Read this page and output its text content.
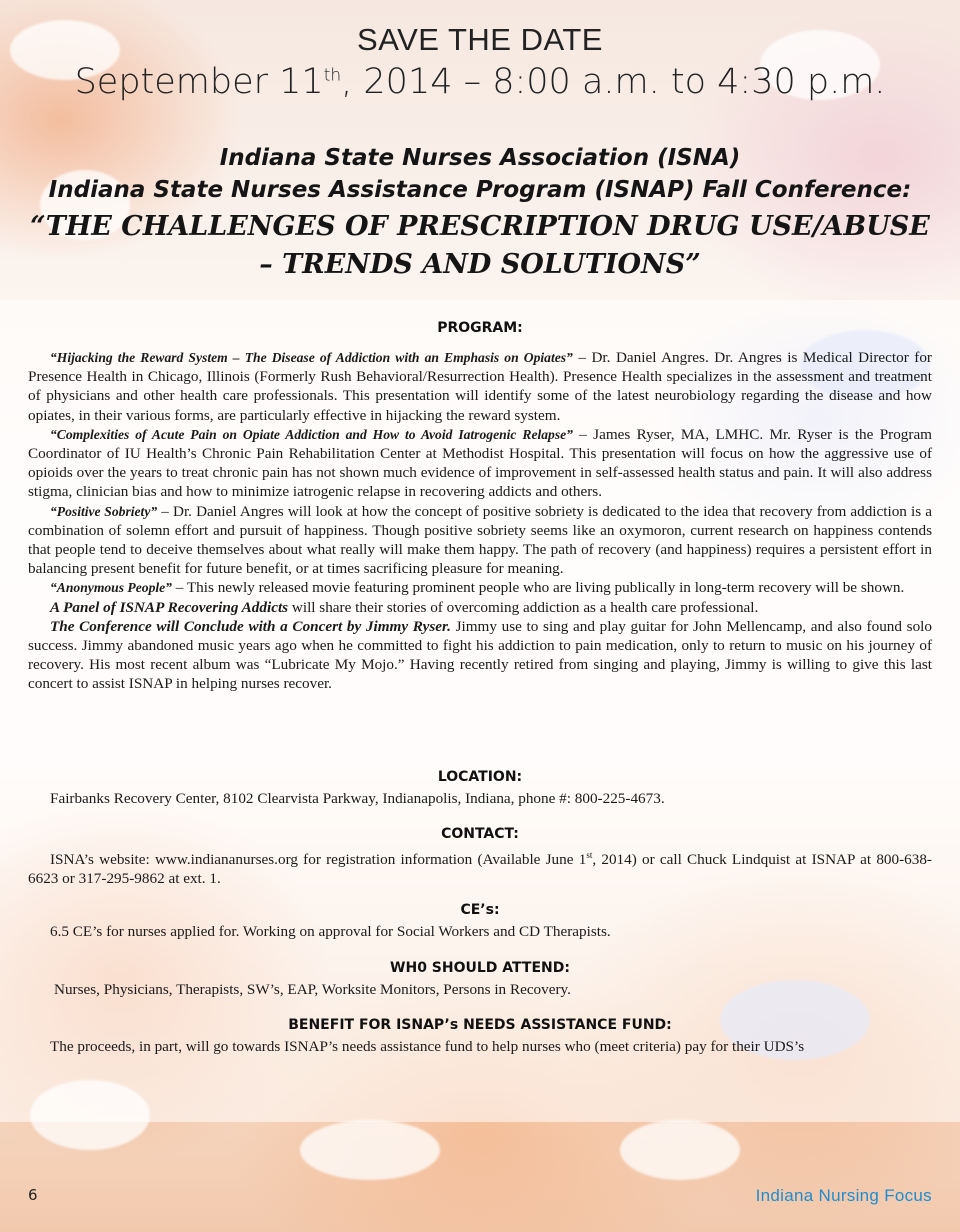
SAVE THE DATE
September 11th, 2014 – 8:00 a.m. to 4:30 p.m.
Indiana State Nurses Association (ISNA)
Indiana State Nurses Assistance Program (ISNAP) Fall Conference:
“THE CHALLENGES OF PRESCRIPTION DRUG USE/ABUSE
– TRENDS AND SOLUTIONS”
PROGRAM:

“Hijacking the Reward System – The Disease of Addiction with an Emphasis on Opiates” – Dr. Daniel Angres. Dr. Angres is Medical Director for Presence Health in Chicago, Illinois (Formerly Rush Behavioral/Resurrection Health). Presence Health specializes in the assessment and treatment of physicians and other health care professionals. This presentation will identify some of the latest neurobiology regarding the disease and how opiates, in their various forms, are particularly effective in hijacking the reward system.

“Complexities of Acute Pain on Opiate Addiction and How to Avoid Iatrogenic Relapse” – James Ryser, MA, LMHC. Mr. Ryser is the Program Coordinator of IU Health’s Chronic Pain Rehabilitation Center at Methodist Hospital. This presentation will focus on how the aggressive use of opioids over the years to treat chronic pain has not shown much evidence of improvement in self-assessed health status and pain. It will also address stigma, clinician bias and how to minimize iatrogenic relapse in recovering addicts and others.

“Positive Sobriety” – Dr. Daniel Angres will look at how the concept of positive sobriety is dedicated to the idea that recovery from addiction is a combination of solemn effort and pursuit of happiness. Though positive sobriety seems like an oxymoron, current research on happiness contends that people tend to deceive themselves about what really will make them happy. The path of recovery (and happiness) requires a persistent effort in balancing present benefit for future benefit, or at times sacrificing pleasure for meaning.

“Anonymous People” – This newly released movie featuring prominent people who are living publically in long-term recovery will be shown.

A Panel of ISNAP Recovering Addicts will share their stories of overcoming addiction as a health care professional.

The Conference will Conclude with a Concert by Jimmy Ryser. Jimmy use to sing and play guitar for John Mellencamp, and also found solo success. Jimmy abandoned music years ago when he committed to fight his addiction to pain medication, only to return to music on his journey of recovery. His most recent album was “Lubricate My Mojo.” Having recently retired from singing and playing, Jimmy is willing to give this last concert to assist ISNAP in helping nurses recover.

LOCATION:

Fairbanks Recovery Center, 8102 Clearvista Parkway, Indianapolis, Indiana, phone #: 800-225-4673.

CONTACT:

ISNA’s website: www.indiananurses.org for registration information (Available June 1st, 2014) or call Chuck Lindquist at ISNAP at 800-638-6623 or 317-295-9862 at ext. 1.

CE’s:

6.5 CE’s for nurses applied for. Working on approval for Social Workers and CD Therapists.

WH0 SHOULD ATTEND:

Nurses, Physicians, Therapists, SW’s, EAP, Worksite Monitors, Persons in Recovery.

BENEFIT FOR ISNAP’s NEEDS ASSISTANCE FUND:

The proceeds, in part, will go towards ISNAP’s needs assistance fund to help nurses who (meet criteria) pay for their UDS’s

6	Indiana Nursing Focus
